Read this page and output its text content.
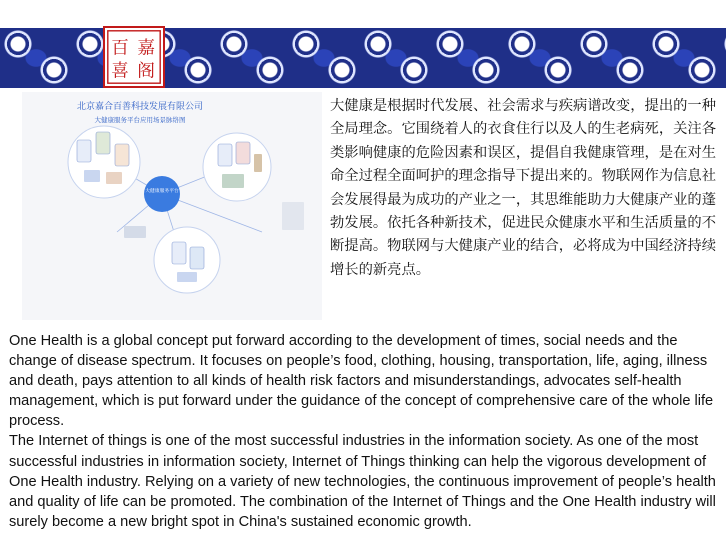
百 嘉
喜 阁
北京嘉合百善科技发展有限公司
大健康服务平台应用场景脉络图
大健康服务平台

大健康是根据时代发展、社会需求与疾病谱改变，提出的一种全局理念。它围绕着人的衣食住行以及人的生老病死，关注各类影响健康的危险因素和误区，提倡自我健康管理，是在对生命全过程全面呵护的理念指导下提出来的。物联网作为信息社会发展得最为成功的产业之一，其思维能助力大健康产业的蓬勃发展。依托各种新技术，促进民众健康水平和生活质量的不断提高。物联网与大健康产业的结合，必将成为中国经济持续增长的新亮点。

One Health is a global concept put forward according to the development of times, social needs and the change of disease spectrum. It focuses on people’s food, clothing, housing, transportation, life, aging, illness and death, pays attention to all kinds of health risk factors and misunderstandings, advocates self-health management, which is put forward under the guidance of the concept of comprehensive care of the whole life process.

The Internet of things is one of the most successful industries in the information society. As one of the most successful industries in information society, Internet of Things thinking can help the vigorous development of One Health industry. Relying on a variety of new technologies, the continuous improvement of people’s health and quality of life can be promoted. The combination of the Internet of Things and the One Health industry will surely become a new bright spot in China's sustained economic growth.
